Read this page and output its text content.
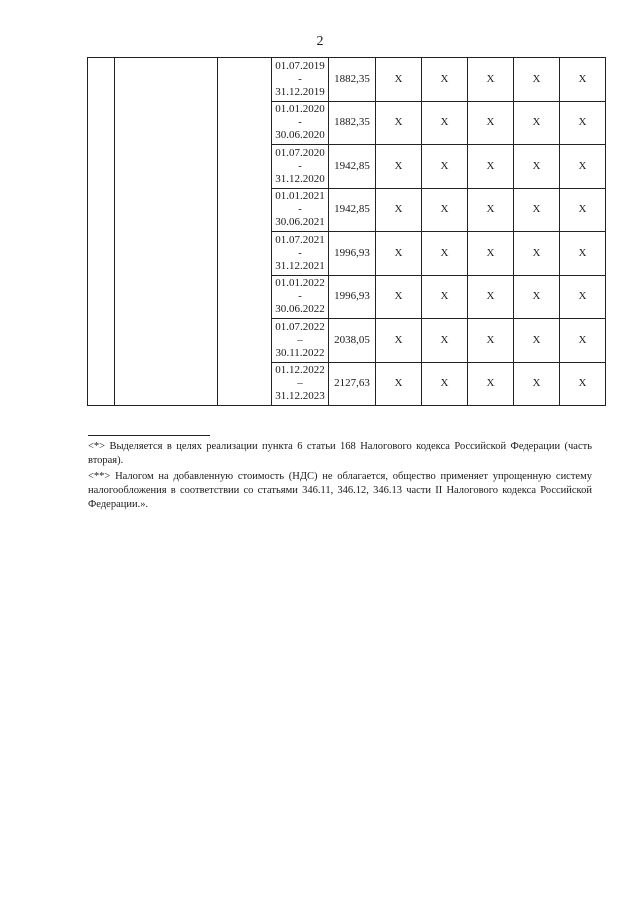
2

			01.07.2019
-
31.12.2019	1882,35	X	X	X	X	X

			01.01.2020
-
30.06.2020	1882,35	X	X	X	X	X

			01.07.2020
-
31.12.2020	1942,85	X	X	X	X	X

			01.01.2021
-
30.06.2021	1942,85	X	X	X	X	X

			01.07.2021
-
31.12.2021	1996,93	X	X	X	X	X

			01.01.2022
-
30.06.2022	1996,93	X	X	X	X	X

			01.07.2022
–
30.11.2022	2038,05	X	X	X	X	X

			01.12.2022
–
31.12.2023	2127,63	X	X	X	X	X

<*> Выделяется в целях реализации пункта 6 статьи 168 Налогового кодекса Российской Федерации (часть вторая).

<**> Налогом на добавленную стоимость (НДС) не облагается, общество применяет упрощенную систему налогообложения в соответствии со статьями 346.11, 346.12, 346.13 части II Налогового кодекса Российской Федерации.».
